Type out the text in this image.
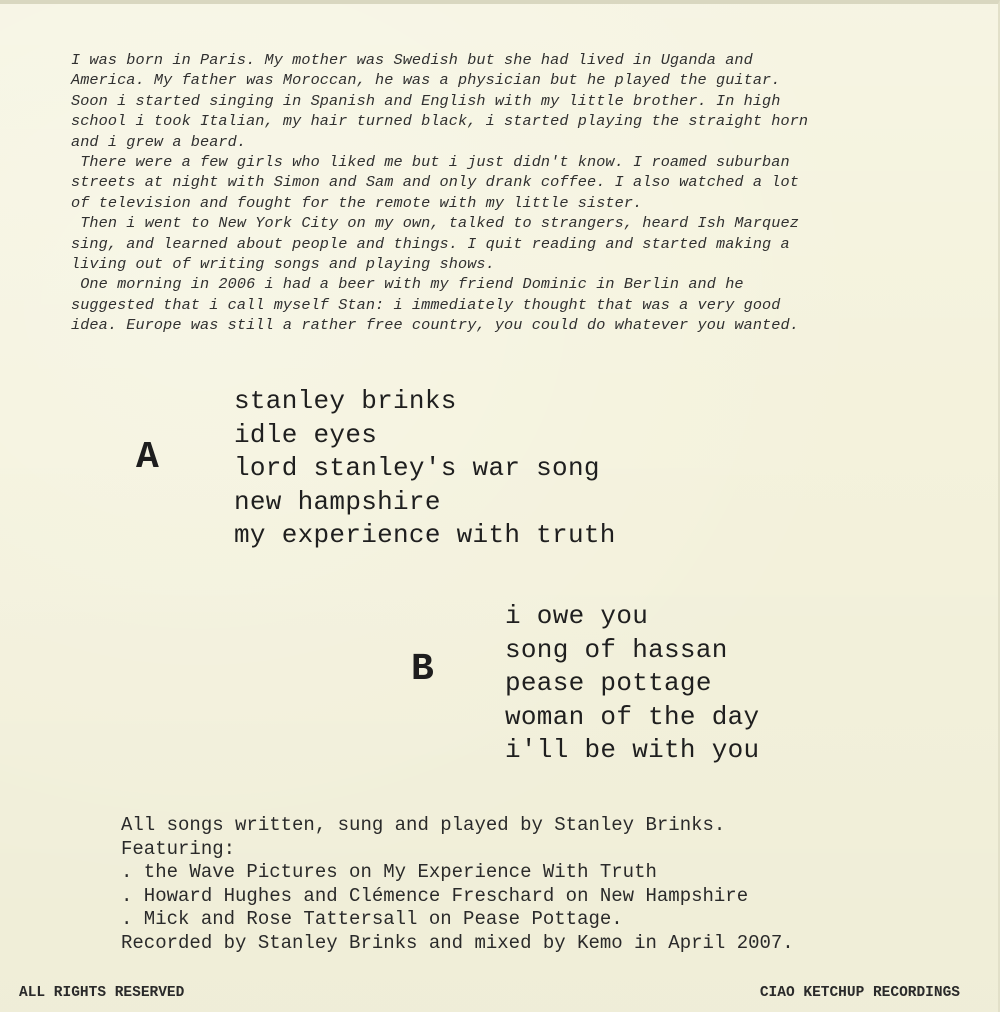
I was born in Paris. My mother was Swedish but she had lived in Uganda and
America. My father was Moroccan, he was a physician but he played the guitar.
Soon i started singing in Spanish and English with my little brother. In high
school i took Italian, my hair turned black, i started playing the straight horn
and i grew a beard.
There were a few girls who liked me but i just didn't know. I roamed suburban
streets at night with Simon and Sam and only drank coffee. I also watched a lot
of television and fought for the remote with my little sister.
Then i went to New York City on my own, talked to strangers, heard Ish Marquez
sing, and learned about people and things. I quit reading and started making a
living out of writing songs and playing shows.
One morning in 2006 i had a beer with my friend Dominic in Berlin and he
suggested that i call myself Stan: i immediately thought that was a very good
idea. Europe was still a rather free country, you could do whatever you wanted.
A
stanley brinks
idle eyes
lord stanley's war song
new hampshire
my experience with truth
B
i owe you
song of hassan
pease pottage
woman of the day
i'll be with you
All songs written, sung and played by Stanley Brinks.
Featuring:
. the Wave Pictures on My Experience With Truth
. Howard Hughes and Clémence Freschard on New Hampshire
. Mick and Rose Tattersall on Pease Pottage.
Recorded by Stanley Brinks and mixed by Kemo in April 2007.
ALL RIGHTS RESERVED	CIAO KETCHUP RECORDINGS
